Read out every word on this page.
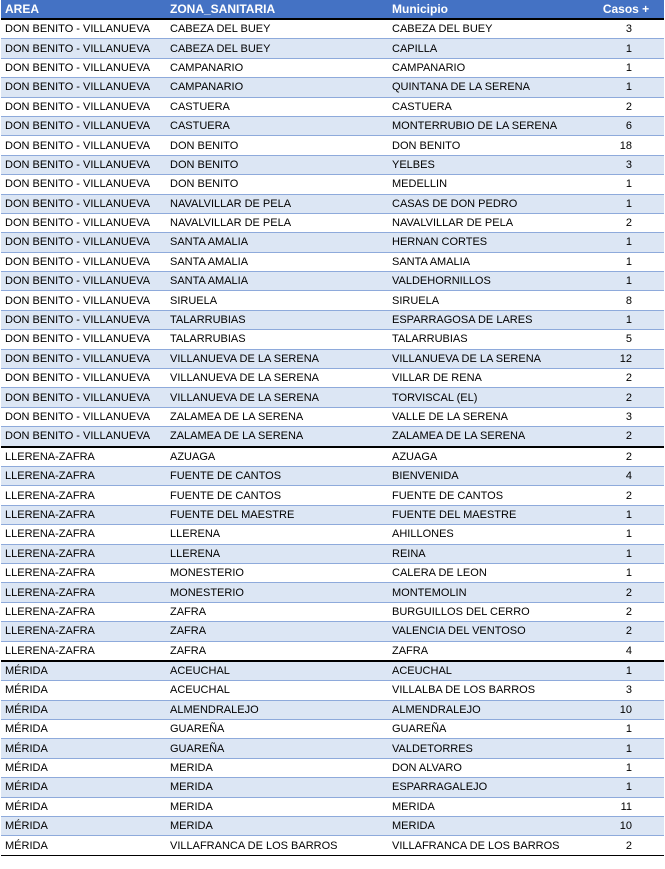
AREA	ZONA_SANITARIA	Municipio	Casos +
DON BENITO - VILLANUEVA	CABEZA DEL BUEY	CABEZA DEL BUEY	3
DON BENITO - VILLANUEVA	CABEZA DEL BUEY	CAPILLA	1
DON BENITO - VILLANUEVA	CAMPANARIO	CAMPANARIO	1
DON BENITO - VILLANUEVA	CAMPANARIO	QUINTANA DE LA SERENA	1
DON BENITO - VILLANUEVA	CASTUERA	CASTUERA	2
DON BENITO - VILLANUEVA	CASTUERA	MONTERRUBIO DE LA SERENA	6
DON BENITO - VILLANUEVA	DON BENITO	DON BENITO	18
DON BENITO - VILLANUEVA	DON BENITO	YELBES	3
DON BENITO - VILLANUEVA	DON BENITO	MEDELLIN	1
DON BENITO - VILLANUEVA	NAVALVILLAR DE PELA	CASAS DE DON PEDRO	1
DON BENITO - VILLANUEVA	NAVALVILLAR DE PELA	NAVALVILLAR DE PELA	2
DON BENITO - VILLANUEVA	SANTA AMALIA	HERNAN CORTES	1
DON BENITO - VILLANUEVA	SANTA AMALIA	SANTA AMALIA	1
DON BENITO - VILLANUEVA	SANTA AMALIA	VALDEHORNILLOS	1
DON BENITO - VILLANUEVA	SIRUELA	SIRUELA	8
DON BENITO - VILLANUEVA	TALARRUBIAS	ESPARRAGOSA DE LARES	1
DON BENITO - VILLANUEVA	TALARRUBIAS	TALARRUBIAS	5
DON BENITO - VILLANUEVA	VILLANUEVA DE LA SERENA	VILLANUEVA DE LA SERENA	12
DON BENITO - VILLANUEVA	VILLANUEVA DE LA SERENA	VILLAR DE RENA	2
DON BENITO - VILLANUEVA	VILLANUEVA DE LA SERENA	TORVISCAL (EL)	2
DON BENITO - VILLANUEVA	ZALAMEA DE LA SERENA	VALLE DE LA SERENA	3
DON BENITO - VILLANUEVA	ZALAMEA DE LA SERENA	ZALAMEA DE LA SERENA	2
LLERENA-ZAFRA	AZUAGA	AZUAGA	2
LLERENA-ZAFRA	FUENTE DE CANTOS	BIENVENIDA	4
LLERENA-ZAFRA	FUENTE DE CANTOS	FUENTE DE CANTOS	2
LLERENA-ZAFRA	FUENTE DEL MAESTRE	FUENTE DEL MAESTRE	1
LLERENA-ZAFRA	LLERENA	AHILLONES	1
LLERENA-ZAFRA	LLERENA	REINA	1
LLERENA-ZAFRA	MONESTERIO	CALERA DE LEON	1
LLERENA-ZAFRA	MONESTERIO	MONTEMOLIN	2
LLERENA-ZAFRA	ZAFRA	BURGUILLOS DEL CERRO	2
LLERENA-ZAFRA	ZAFRA	VALENCIA DEL VENTOSO	2
LLERENA-ZAFRA	ZAFRA	ZAFRA	4
MÉRIDA	ACEUCHAL	ACEUCHAL	1
MÉRIDA	ACEUCHAL	VILLALBA DE LOS BARROS	3
MÉRIDA	ALMENDRALEJO	ALMENDRALEJO	10
MÉRIDA	GUAREÑA	GUAREÑA	1
MÉRIDA	GUAREÑA	VALDETORRES	1
MÉRIDA	MERIDA	DON ALVARO	1
MÉRIDA	MERIDA	ESPARRAGALEJO	1
MÉRIDA	MERIDA	MERIDA	11
MÉRIDA	MERIDA	MERIDA	10
MÉRIDA	VILLAFRANCA DE LOS BARROS	VILLAFRANCA DE LOS BARROS	2
